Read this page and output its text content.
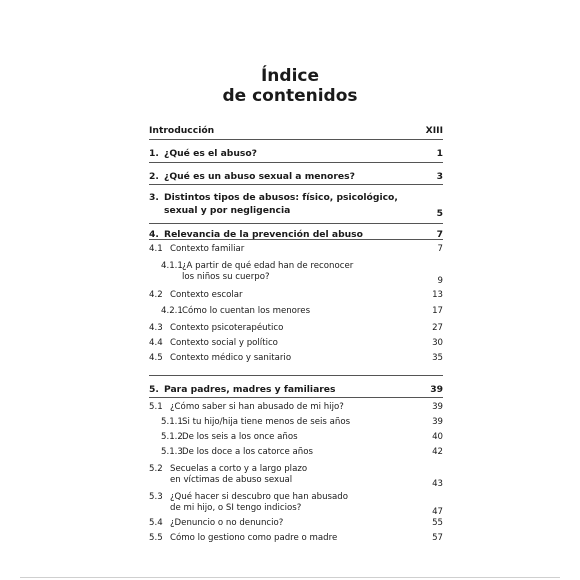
Índice
de contenidos
Introducción	XIII
1. ¿Qué es el abuso?	1
2. ¿Qué es un abuso sexual a menores?	3
3. Distintos tipos de abusos: físico, psicológico,
sexual y por negligencia	5
4. Relevancia de la prevención del abuso	7
4.1 Contexto familiar	7
4.1.1 ¿A partir de qué edad han de reconocer
los niños su cuerpo?	9
4.2 Contexto escolar	13
4.2.1 Cómo lo cuentan los menores	17
4.3 Contexto psicoterapéutico	27
4.4 Contexto social y político	30
4.5 Contexto médico y sanitario	35
5. Para padres, madres y familiares	39
5.1 ¿Cómo saber si han abusado de mi hijo?	39
5.1.1 Si tu hijo/hija tiene menos de seis años	39
5.1.2 De los seis a los once años	40
5.1.3 De los doce a los catorce años	42
5.2 Secuelas a corto y a largo plazo
en víctimas de abuso sexual	43
5.3 ¿Qué hacer si descubro que han abusado
de mi hijo, o SI tengo indicios?	47
5.4 ¿Denuncio o no denuncio?	55
5.5 Cómo lo gestiono como padre o madre	57
